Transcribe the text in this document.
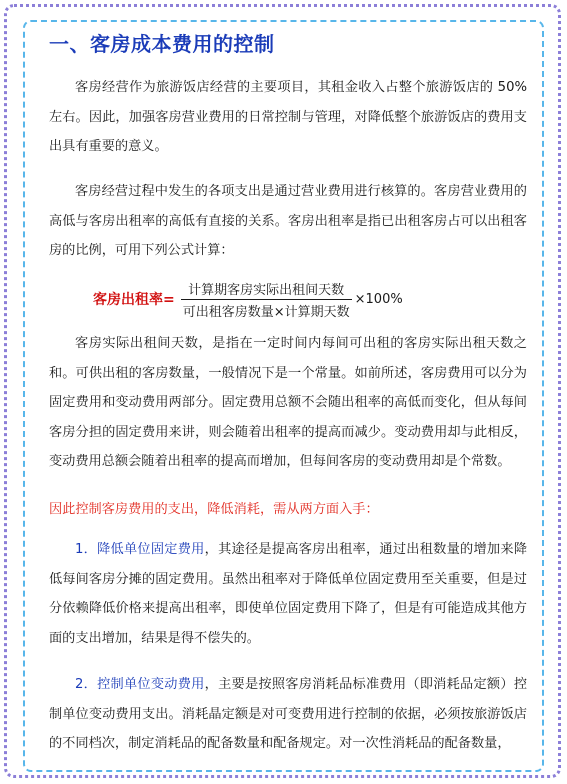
一、客房成本费用的控制

客房经营作为旅游饭店经营的主要项目，其租金收入占整个旅游饭店的 50%左右。因此，加强客房营业费用的日常控制与管理，对降低整个旅游饭店的费用支出具有重要的意义。

客房经营过程中发生的各项支出是通过营业费用进行核算的。客房营业费用的高低与客房出租率的高低有直接的关系。客房出租率是指已出租客房占可以出租客房的比例，可用下列公式计算：

客房出租率= $\frac{\text{计算期客房实际出租间天数}}{\text{可出租客房数量×计算期天数}} \times 100\%$

客房实际出租间天数，是指在一定时间内每间可出租的客房实际出租天数之和。可供出租的客房数量，一般情况下是一个常量。如前所述，客房费用可以分为固定费用和变动费用两部分。固定费用总额不会随出租率的高低而变化，但从每间客房分担的固定费用来讲，则会随着出租率的提高而减少。变动费用却与此相反，变动费用总额会随着出租率的提高而增加，但每间客房的变动费用却是个常数。

因此控制客房费用的支出，降低消耗，需从两方面入手：

1．降低单位固定费用，其途径是提高客房出租率，通过出租数量的增加来降低每间客房分摊的固定费用。虽然出租率对于降低单位固定费用至关重要，但是过分依赖降低价格来提高出租率，即使单位固定费用下降了，但是有可能造成其他方面的支出增加，结果是得不偿失的。

2．控制单位变动费用，主要是按照客房消耗品标准费用（即消耗品定额）控制单位变动费用支出。消耗晶定额是对可变费用进行控制的依据，必须按旅游饭店的不同档次，制定消耗品的配备数量和配备规定。对一次性消耗品的配备数量，
